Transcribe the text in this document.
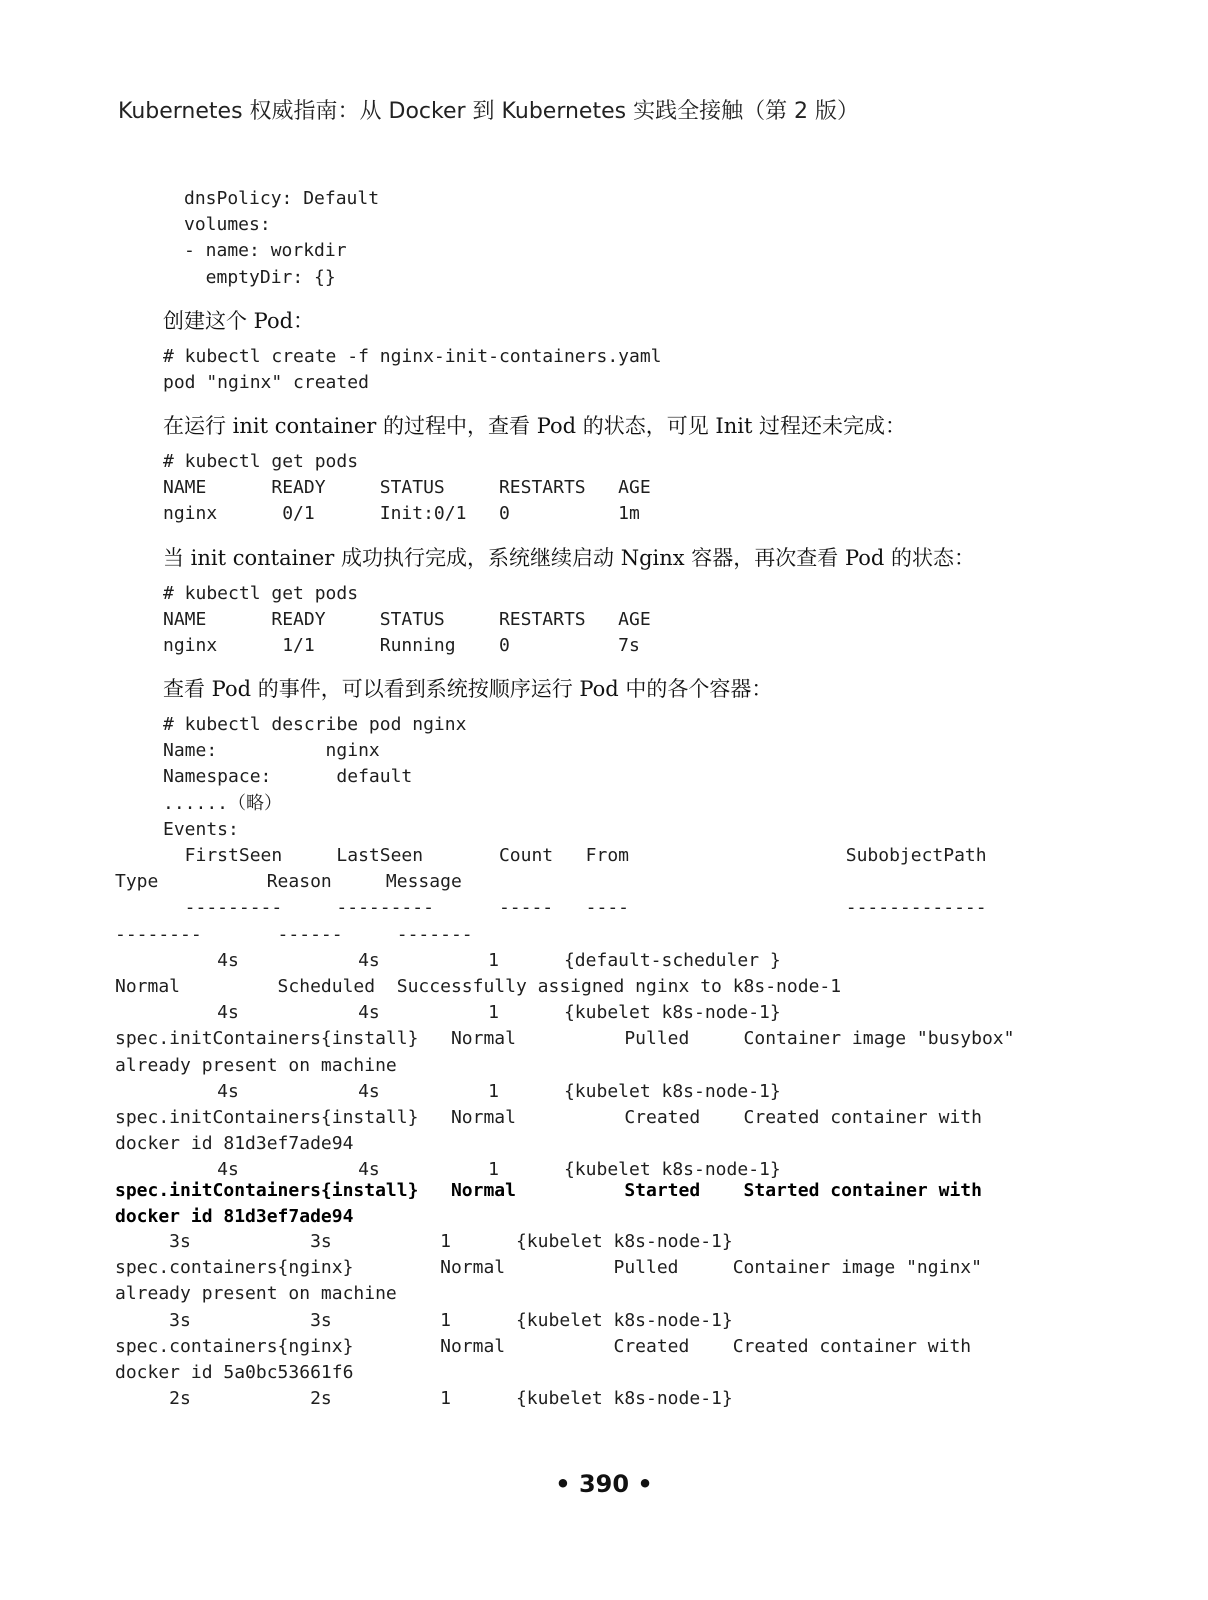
Kubernetes 权威指南：从 Docker 到 Kubernetes 实践全接触（第 2 版）
dnsPolicy: Default
volumes:
- name: workdir
emptyDir: {}
创建这个 Pod：
# kubectl create -f nginx-init-containers.yaml
pod "nginx" created
在运行 init container 的过程中，查看 Pod 的状态，可见 Init 过程还未完成：
# kubectl get pods
NAME      READY     STATUS     RESTARTS   AGE
nginx      0/1      Init:0/1   0          1m
当 init container 成功执行完成，系统继续启动 Nginx 容器，再次查看 Pod 的状态：
# kubectl get pods
NAME      READY     STATUS     RESTARTS   AGE
nginx      1/1      Running    0          7s
查看 Pod 的事件，可以看到系统按顺序运行 Pod 中的各个容器：
# kubectl describe pod nginx
Name:          nginx
Namespace:      default
......（略）
Events:
FirstSeen     LastSeen       Count   From                    SubobjectPath
Type          Reason     Message
---------     ---------      -----   ----                    -------------
--------       ------     -------
4s           4s          1      {default-scheduler }
Normal         Scheduled  Successfully assigned nginx to k8s-node-1
4s           4s          1      {kubelet k8s-node-1}
spec.initContainers{install}   Normal          Pulled     Container image "busybox"
already present on machine
4s           4s          1      {kubelet k8s-node-1}
spec.initContainers{install}   Normal          Created    Created container with
docker id 81d3ef7ade94
4s           4s          1      {kubelet k8s-node-1}
spec.initContainers{install}   Normal          Started    Started container with
docker id 81d3ef7ade94
3s           3s          1      {kubelet k8s-node-1}
spec.containers{nginx}        Normal          Pulled     Container image "nginx"
already present on machine
3s           3s          1      {kubelet k8s-node-1}
spec.containers{nginx}        Normal          Created    Created container with
docker id 5a0bc53661f6
2s           2s          1      {kubelet k8s-node-1}
• 390 •
